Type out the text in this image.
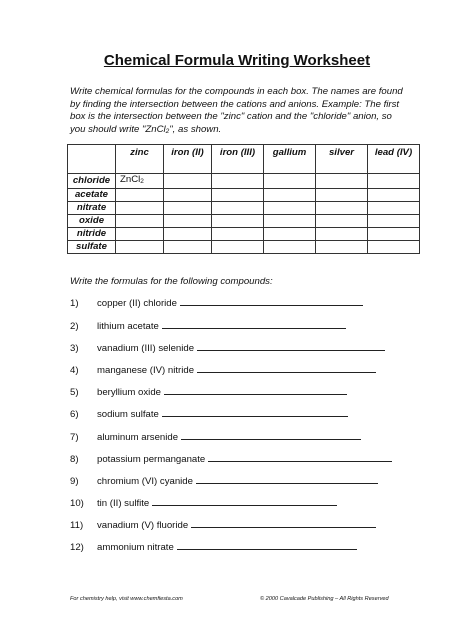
Chemical Formula Writing Worksheet
Write chemical formulas for the compounds in each box. The names are found by finding the intersection between the cations and anions. Example: The first box is the intersection between the "zinc" cation and the "chloride" anion, so you should write "ZnCl2", as shown.
	zinc	iron (II)	iron (III)	gallium	silver	lead (IV)
chloride	ZnCl2					
acetate						
nitrate						
oxide						
nitride						
sulfate						
Write the formulas for the following compounds:
1) copper (II) chloride
2) lithium acetate
3) vanadium (III) selenide
4) manganese (IV) nitride
5) beryllium oxide
6) sodium sulfate
7) aluminum arsenide
8) potassium permanganate
9) chromium (VI) cyanide
10) tin (II) sulfite
11) vanadium (V) fluoride
12) ammonium nitrate
For chemistry help, visit www.chemfiesta.com	© 2000 Cavalcade Publishing – All Rights Reserved
